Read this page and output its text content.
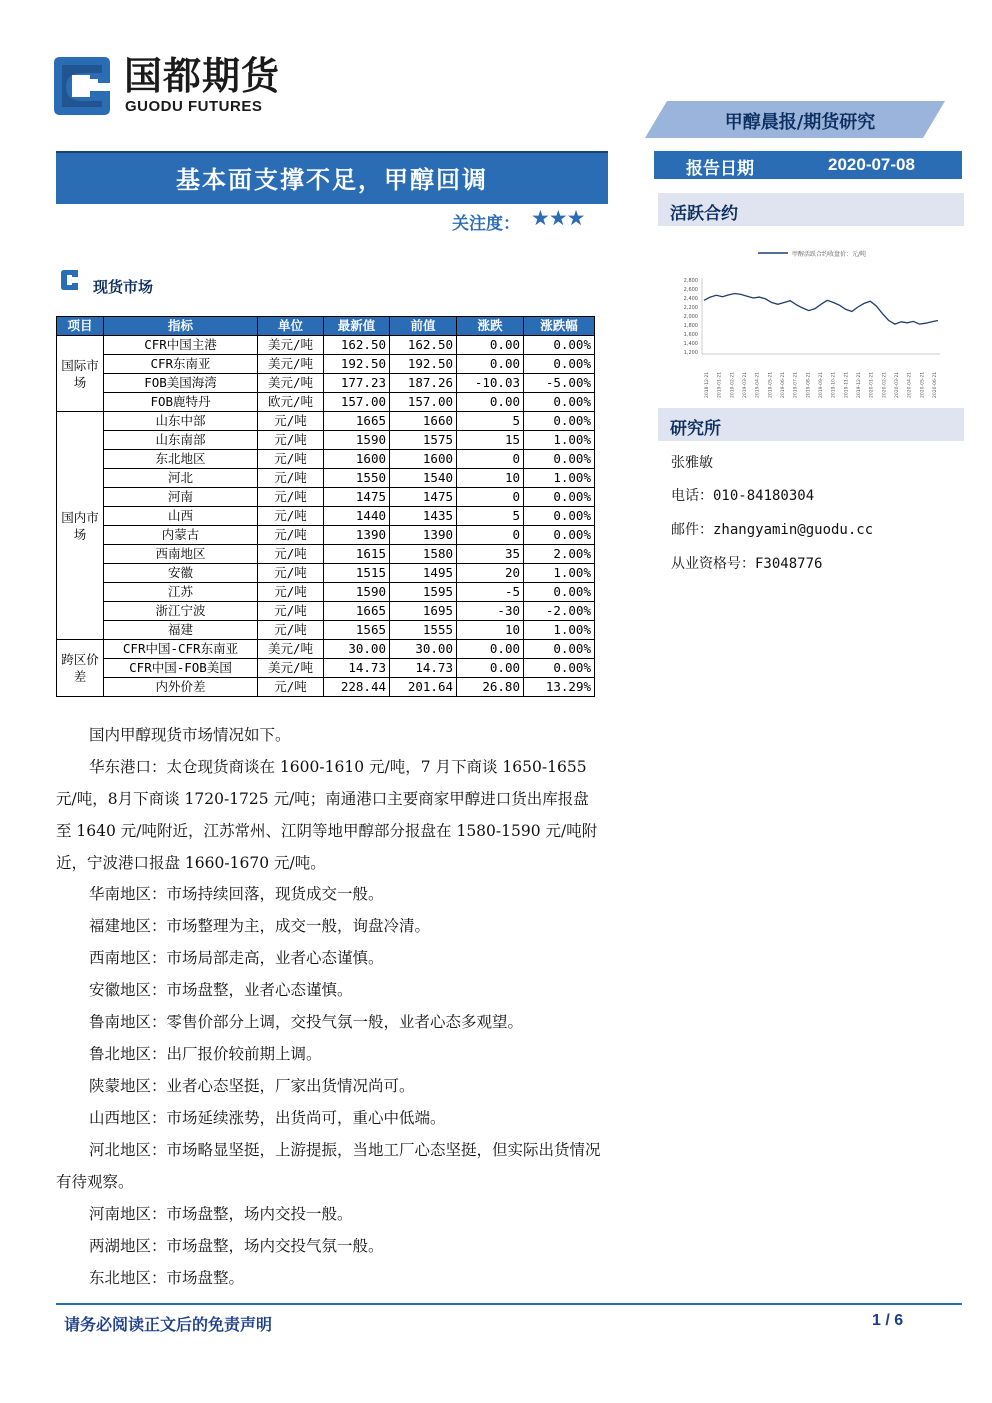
国都期货
GUODU FUTURES
甲醇晨报/期货研究
基本面支撑不足，甲醇回调
关注度： ★★★
报告日期	2020-07-08
活跃合约
甲醇活跃合约收盘价：元/吨
2,800
2,600
2,400
2,200
2,000
1,800
1,600
1,400
1,200
2018-12-21 2019-01-21 2019-02-21 2019-03-21 2019-04-21 2019-05-21 2019-06-21 2019-07-21 2019-08-21 2019-09-21 2019-10-21 2019-11-21 2019-12-21 2020-01-21 2020-02-21 2020-03-21 2020-04-21 2020-05-21 2020-06-21
研究所
张雅敏
电话：010-84180304
邮件：zhangyamin@guodu.cc
从业资格号：F3048776
现货市场
项目	指标	单位	最新值	前值	涨跌	涨跌幅
国际市场	CFR中国主港	美元/吨	162.50	162.50	0.00	0.00%
	CFR东南亚	美元/吨	192.50	192.50	0.00	0.00%
	FOB美国海湾	美元/吨	177.23	187.26	-10.03	-5.00%
	FOB鹿特丹	欧元/吨	157.00	157.00	0.00	0.00%
国内市场	山东中部	元/吨	1665	1660	5	0.00%
	山东南部	元/吨	1590	1575	15	1.00%
	东北地区	元/吨	1600	1600	0	0.00%
	河北	元/吨	1550	1540	10	1.00%
	河南	元/吨	1475	1475	0	0.00%
	山西	元/吨	1440	1435	5	0.00%
	内蒙古	元/吨	1390	1390	0	0.00%
	西南地区	元/吨	1615	1580	35	2.00%
	安徽	元/吨	1515	1495	20	1.00%
	江苏	元/吨	1590	1595	-5	0.00%
	浙江宁波	元/吨	1665	1695	-30	-2.00%
	福建	元/吨	1565	1555	10	1.00%
跨区价差	CFR中国-CFR东南亚	美元/吨	30.00	30.00	0.00	0.00%
	CFR中国-FOB美国	美元/吨	14.73	14.73	0.00	0.00%
	内外价差	元/吨	228.44	201.64	26.80	13.29%
国内甲醇现货市场情况如下。
华东港口：太仓现货商谈在 1600-1610 元/吨，7 月下商谈 1650-1655 元/吨，8月下商谈 1720-1725 元/吨；南通港口主要商家甲醇进口货出库报盘至 1640 元/吨附近，江苏常州、江阴等地甲醇部分报盘在 1580-1590 元/吨附近，宁波港口报盘 1660-1670 元/吨。
华南地区：市场持续回落，现货成交一般。
福建地区：市场整理为主，成交一般，询盘冷清。
西南地区：市场局部走高，业者心态谨慎。
安徽地区：市场盘整，业者心态谨慎。
鲁南地区：零售价部分上调，交投气氛一般，业者心态多观望。
鲁北地区：出厂报价较前期上调。
陕蒙地区：业者心态坚挺，厂家出货情况尚可。
山西地区：市场延续涨势，出货尚可，重心中低端。
河北地区：市场略显坚挺，上游提振，当地工厂心态坚挺，但实际出货情况有待观察。
河南地区：市场盘整，场内交投一般。
两湖地区：市场盘整，场内交投气氛一般。
东北地区：市场盘整。
请务必阅读正文后的免责声明	1 / 6
